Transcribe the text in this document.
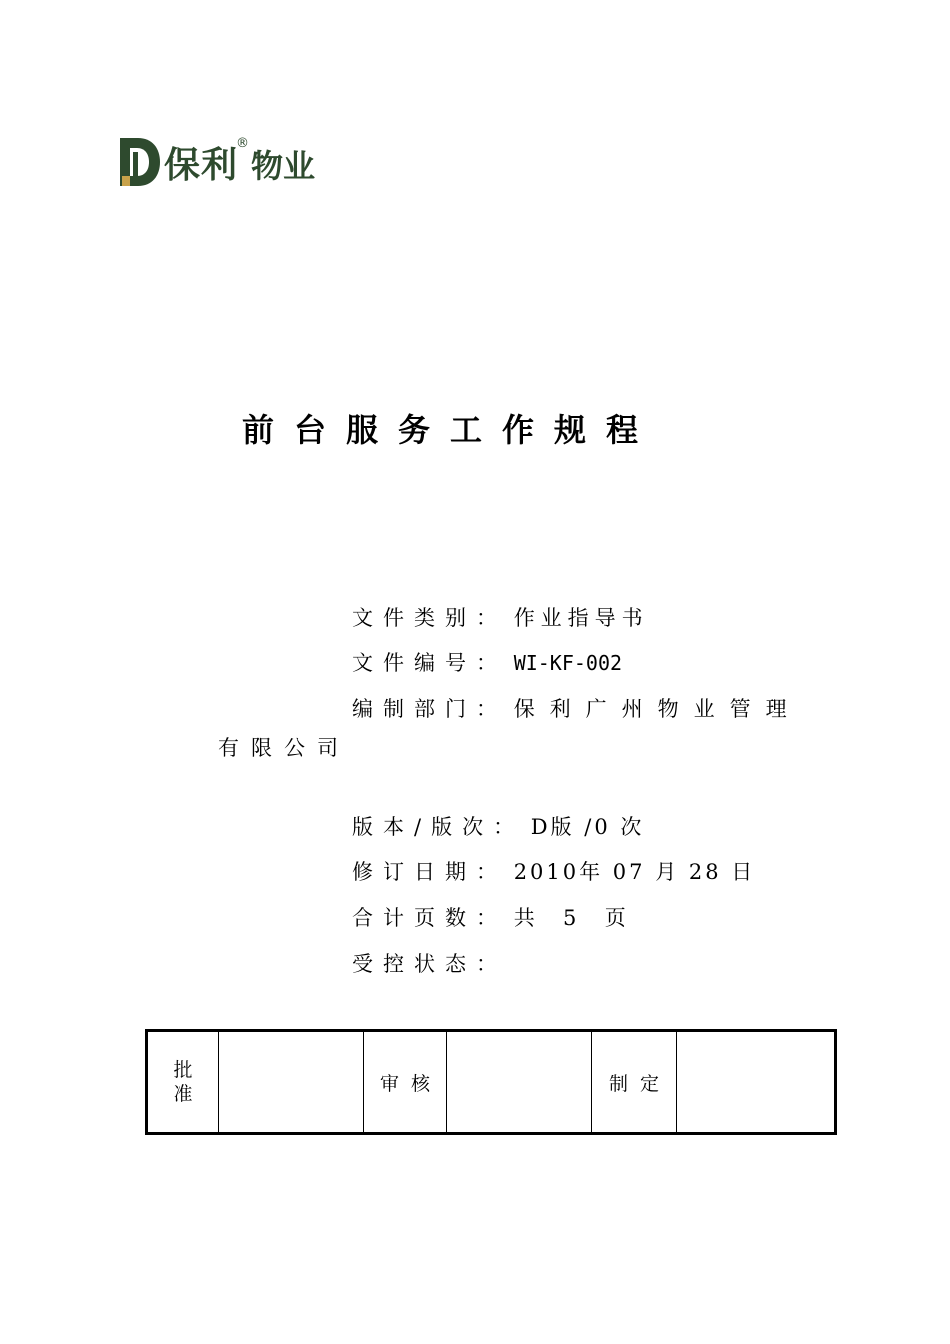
保利
®
物业
前台服务工作规程
文件类别： 作业指导书
文件编号： WI-KF-002
编制部门： 保利广州物业管理
有限公司
版本/版次： D版 /0 次
修订日期： 2010年 07 月 28 日
合计页数： 共  5  页
受控状态：
批
准		审核		制定	
